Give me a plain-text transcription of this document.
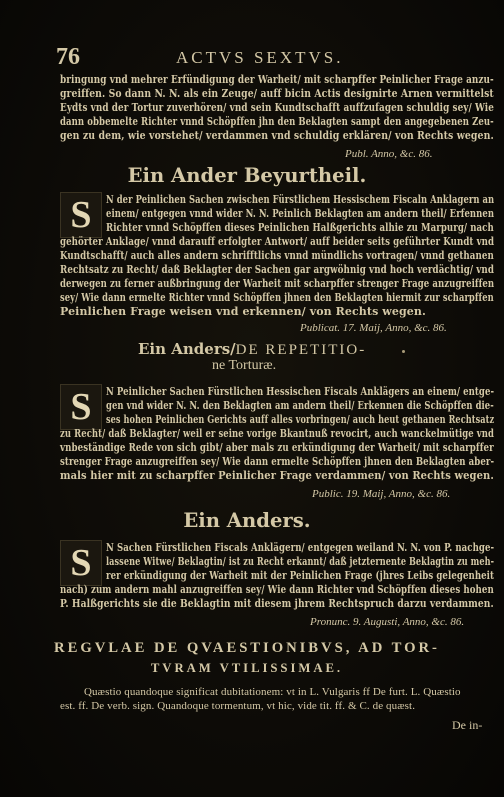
76	ACTVS SEXTVS.
bringung vnd mehrer Erfündigung der Warheit/ mit scharpffer Peinlicher Frage anzu-
greiffen. So dann N. N. als ein Zeuge/ auff bicin Actis designirte Arnen vermittelst
Eydts vnd der Tortur zuverhören/ vnd sein Kundtschafft auffzufagen schuldig sey/ Wie
dann obbemelte Richter vnnd Schöpffen jhn den Beklagten sampt den angegebenen Zeu-
gen zu dem, wie vorstehet/ verdammen vnd schuldig erklären/ von Rechts wegen.
Publ. Anno, &c. 86.
Ein Ander Beyurtheil.
S	N der Peinlichen Sachen zwischen Fürstlichem Hessischem Fiscaln Anklagern an
einem/ entgegen vnnd wider N. N. Peinlich Beklagten am andern theil/ Erfennen
Richter vnnd Schöpffen dieses Peinlichen Halßgerichts alhie zu Marpurg/ nach
gehörter Anklage/ vnnd darauff erfolgter Antwort/ auff beider seits geführter Kundt vnd
Kundtschafft/ auch alles andern schrifftlichs vnnd mündlichs vortragen/ vnnd gethanen
Rechtsatz zu Recht/ daß Beklagter der Sachen gar argwöhnig vnd hoch verdächtig/ vnd
derwegen zu ferner außbringung der Warheit mit scharpffer strenger Frage anzugreiffen
sey/ Wie dann ermelte Richter vnnd Schöpffen jhnen den Beklagten hiermit zur scharpffen
Peinlichen Frage weisen vnd erkennen/ von Rechts wegen.
Publicat. 17. Maij, Anno, &c. 86.
Ein Anders/DE REPETITIO-
ne Torturæ.
S	N Peinlicher Sachen Fürstlichen Hessischen Fiscals Anklägers an einem/ entge-
gen vnd wider N. N. den Beklagten am andern theil/ Erkennen die Schöpffen die-
ses hohen Peinlichen Gerichts auff alles vorbringen/ auch heut gethanen Rechtsatz
zu Recht/ daß Beklagter/ weil er seine vorige Bkantnuß revocirt, auch wanckelmütige vnd
vnbeständige Rede von sich gibt/ aber mals zu erkündigung der Warheit/ mit scharpffer
strenger Frage anzugreiffen sey/ Wie dann ermelte Schöpffen jhnen den Beklagten aber-
mals hier mit zu scharpffer Peinlicher Frage verdammen/ von Rechts wegen.
Public. 19. Maij, Anno, &c. 86.
Ein Anders.
S	N Sachen Fürstlichen Fiscals Anklägern/ entgegen weiland N. N. von P. nachge-
lassene Witwe/ Beklagtin/ ist zu Recht erkannt/ daß jetzternente Beklagtin zu meh-
rer erkündigung der Warheit mit der Peinlichen Frage (jhres Leibs gelegenheit
nach) zum andern mahl anzugreiffen sey/ Wie dann Richter vnd Schöpffen dieses hohen
P. Halßgerichts sie die Beklagtin mit diesem jhrem Rechtspruch darzu verdammen.
Pronunc. 9. Augusti, Anno, &c. 86.
REGVLAE DE QVAESTIONIBVS, AD TOR-
TVRAM VTILISSIMAE.
Quæstio quandoque significat dubitationem: vt in L. Vulgaris ff De furt. L. Quæstio
est. ff. De verb. sign. Quandoque tormentum, vt hic, vide tit. ff. & C. de quæst.
De in-
